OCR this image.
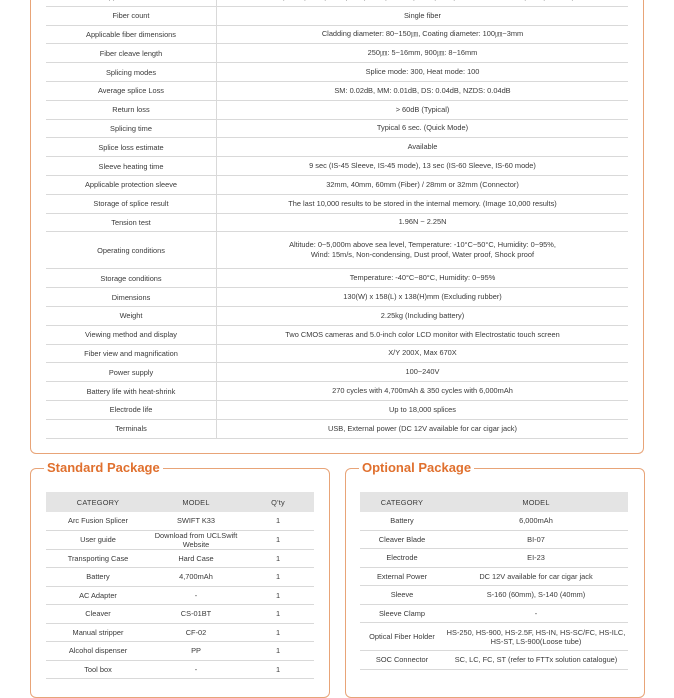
Fiber count	Single fiber
Applicable fiber dimensions	Cladding diameter: 80~150㎛, Coating diameter: 100㎛~3mm
Fiber cleave length	250㎛: 5~16mm, 900㎛: 8~16mm
Splicing modes	Splice mode: 300, Heat mode: 100
Average splice Loss	SM: 0.02dB, MM: 0.01dB, DS: 0.04dB, NZDS: 0.04dB
Return loss	> 60dB (Typical)
Splicing time	Typical 6 sec. (Quick Mode)
Splice loss estimate	Available
Sleeve heating time	9 sec (IS-45 Sleeve, IS-45 mode), 13 sec (IS-60 Sleeve, IS-60 mode)
Applicable protection sleeve	32mm, 40mm, 60mm (Fiber) / 28mm or 32mm (Connector)
Storage of splice result	The last 10,000 results to be stored in the internal memory. (Image 10,000 results)
Tension test	1.96N ~ 2.25N
Operating conditions	Altitude: 0~5,000m above sea level, Temperature: -10°C~50°C, Humidity: 0~95%,
Wind: 15m/s, Non-condensing, Dust proof, Water proof, Shock proof

Storage conditions	Temperature: -40°C~80°C, Humidity: 0~95%
Dimensions	130(W) x 158(L) x 138(H)mm (Excluding rubber)
Weight	2.25kg (Including battery)
Viewing method and display	Two CMOS cameras and 5.0-inch color LCD monitor with Electrostatic touch screen
Fiber view and magnification	X/Y 200X, Max 670X
Power supply	100~240V
Battery life with heat-shrink	270 cycles with 4,700mAh & 350 cycles with 6,000mAh
Electrode life	Up to 18,000 splices
Terminals	USB, External power (DC 12V available for car cigar jack)
Standard Package
CATEGORY	MODEL	Q'ty
Arc Fusion Splicer	SWIFT K33	1
User guide	Download from UCLSwift Website	1
Transporting Case	Hard Case	1
Battery	4,700mAh	1
AC Adapter	-	1
Cleaver	CS-01BT	1
Manual stripper	CF-02	1
Alcohol dispenser	PP	1
Tool box	-	1
Optional Package
CATEGORY	MODEL
Battery	6,000mAh
Cleaver Blade	BI-07
Electrode	EI-23
External Power	DC 12V available for car cigar jack
Sleeve	S-160 (60mm), S-140 (40mm)
Sleeve Clamp	-
Optical Fiber Holder	HS-250, HS-900, HS-2.5F, HS-IN, HS-SC/FC, HS-ILC, HS-ST, LS-900(Loose tube)
SOC Connector	SC, LC, FC, ST (refer to FTTx solution catalogue)
